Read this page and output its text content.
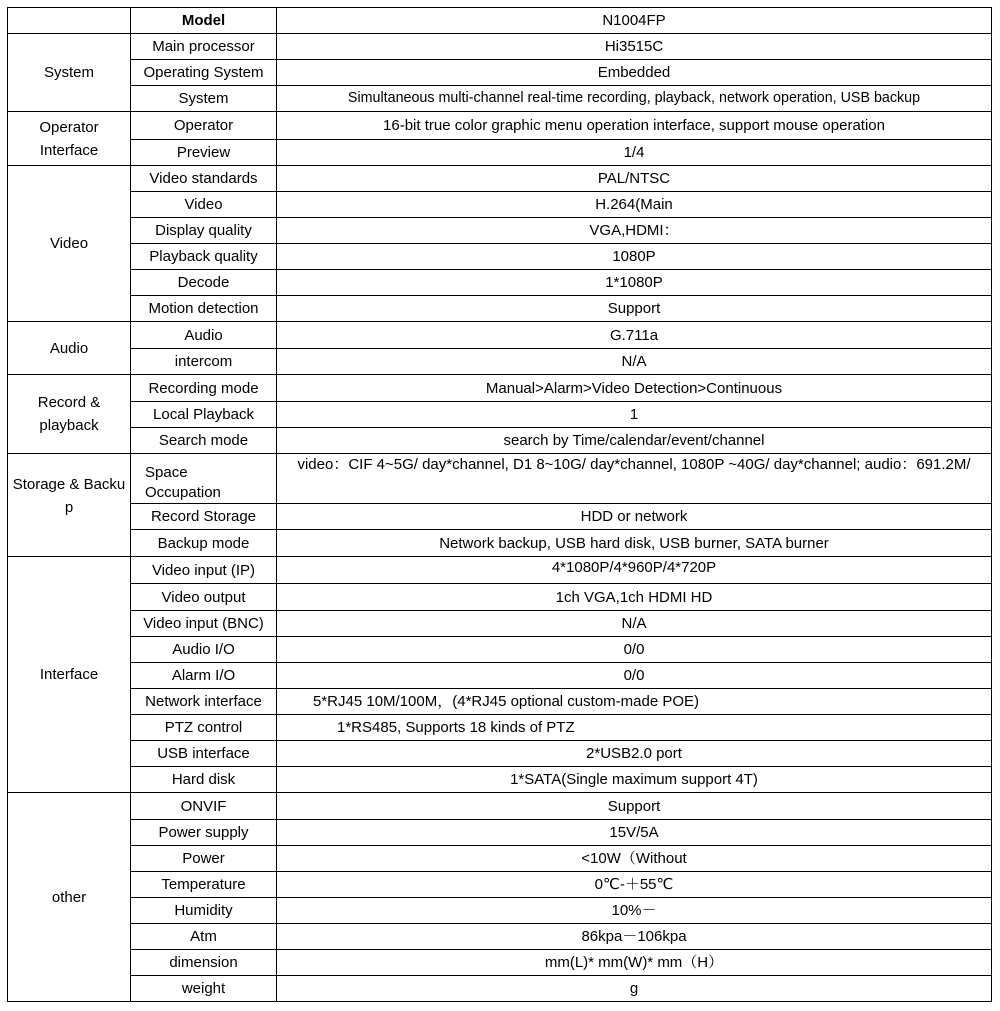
	Model	N1004FP
System	Main processor	Hi3515C
	Operating System	Embedded
	System	Simultaneous multi-channel real-time recording, playback, network operation, USB backup
Operator Interface	Operator	16-bit true color graphic menu operation interface, support mouse operation
	Preview	1/4
Video	Video standards	PAL/NTSC
	Video	H.264(Main
	Display quality	VGA,HDMI：
	Playback quality	1080P
	Decode	1*1080P
	Motion detection	Support
Audio	Audio	G.711a
	intercom	N/A
Record & playback	Recording mode	Manual>Alarm>Video Detection>Continuous
	Local Playback	1
	Search mode	search by Time/calendar/event/channel

Storage & Backu p	Space Occupation	video：CIF 4~5G/ day*channel, D1 8~10G/ day*channel, 1080P ~40G/ day*channel; audio：691.2M/
	Record Storage	HDD or network
	Backup mode	Network backup, USB hard disk, USB burner, SATA burner
Interface	Video input (IP)	4*1080P/4*960P/4*720P
	Video output	1ch VGA,1ch HDMI HD
	Video input (BNC)	N/A
	Audio I/O	0/0
	Alarm I/O	0/0
	Network interface	5*RJ45 10M/100M，(4*RJ45 optional custom-made POE)
	PTZ control	1*RS485, Supports 18 kinds of PTZ
	USB interface	2*USB2.0 port
	Hard disk	1*SATA(Single maximum support 4T)
other	ONVIF	Support
	Power supply	15V/5A
	Power	<10W（Without
	Temperature	0℃-＋55℃
	Humidity	10%－
	Atm	86kpa－106kpa
	dimension	mm(L)* mm(W)* mm（H）
	weight	g
